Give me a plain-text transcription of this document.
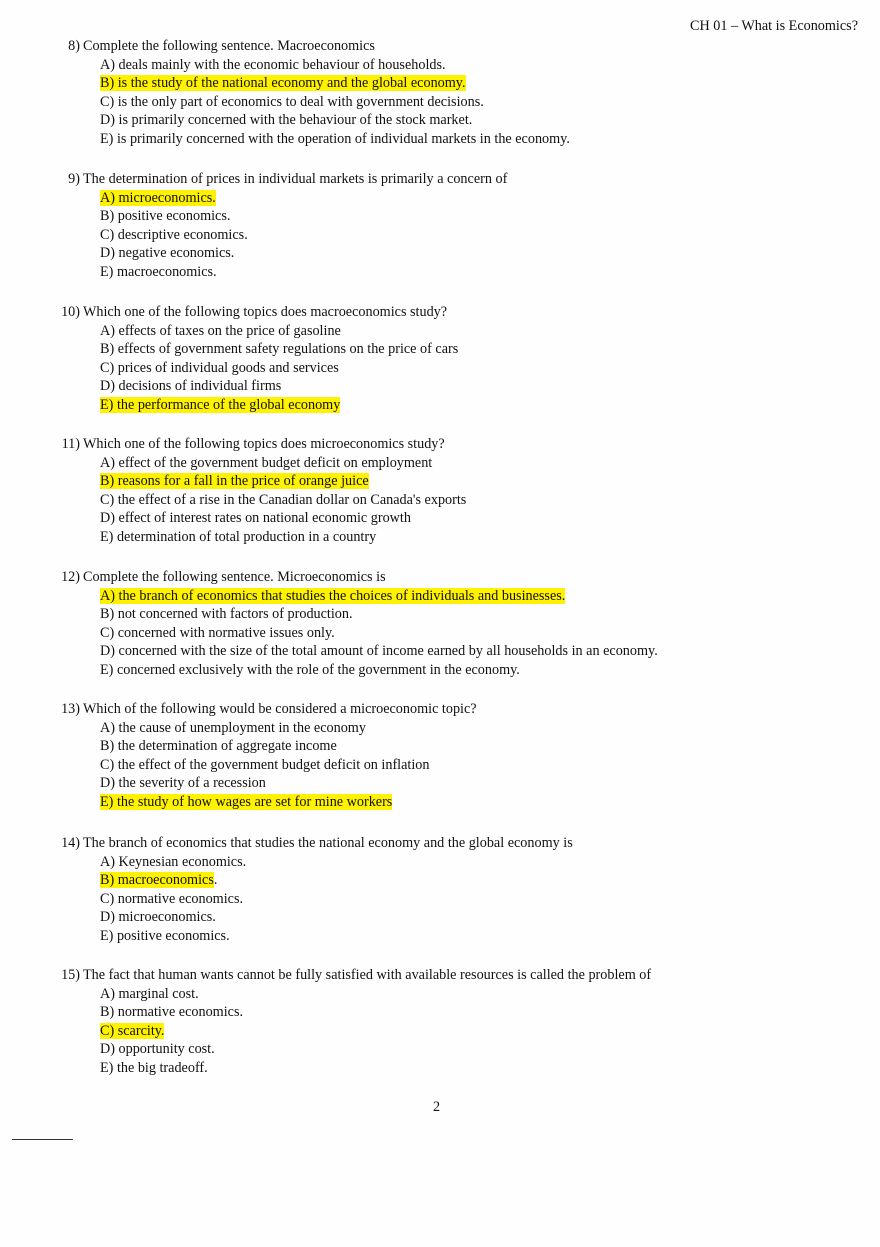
CH 01 – What is Economics?
8) Complete the following sentence. Macroeconomics
A) deals mainly with the economic behaviour of households.
B) is the study of the national economy and the global economy.
C) is the only part of economics to deal with government decisions.
D) is primarily concerned with the behaviour of the stock market.
E) is primarily concerned with the operation of individual markets in the economy.
9) The determination of prices in individual markets is primarily a concern of
A) microeconomics.
B) positive economics.
C) descriptive economics.
D) negative economics.
E) macroeconomics.
10) Which one of the following topics does macroeconomics study?
A) effects of taxes on the price of gasoline
B) effects of government safety regulations on the price of cars
C) prices of individual goods and services
D) decisions of individual firms
E) the performance of the global economy
11) Which one of the following topics does microeconomics study?
A) effect of the government budget deficit on employment
B) reasons for a fall in the price of orange juice
C) the effect of a rise in the Canadian dollar on Canada's exports
D) effect of interest rates on national economic growth
E) determination of total production in a country
12) Complete the following sentence. Microeconomics is
A) the branch of economics that studies the choices of individuals and businesses.
B) not concerned with factors of production.
C) concerned with normative issues only.
D) concerned with the size of the total amount of income earned by all households in an economy.
E) concerned exclusively with the role of the government in the economy.
13) Which of the following would be considered a microeconomic topic?
A) the cause of unemployment in the economy
B) the determination of aggregate income
C) the effect of the government budget deficit on inflation
D) the severity of a recession
E) the study of how wages are set for mine workers
14) The branch of economics that studies the national economy and the global economy is
A) Keynesian economics.
B) macroeconomics.
C) normative economics.
D) microeconomics.
E) positive economics.
15) The fact that human wants cannot be fully satisfied with available resources is called the problem of
A) marginal cost.
B) normative economics.
C) scarcity.
D) opportunity cost.
E) the big tradeoff.
2
